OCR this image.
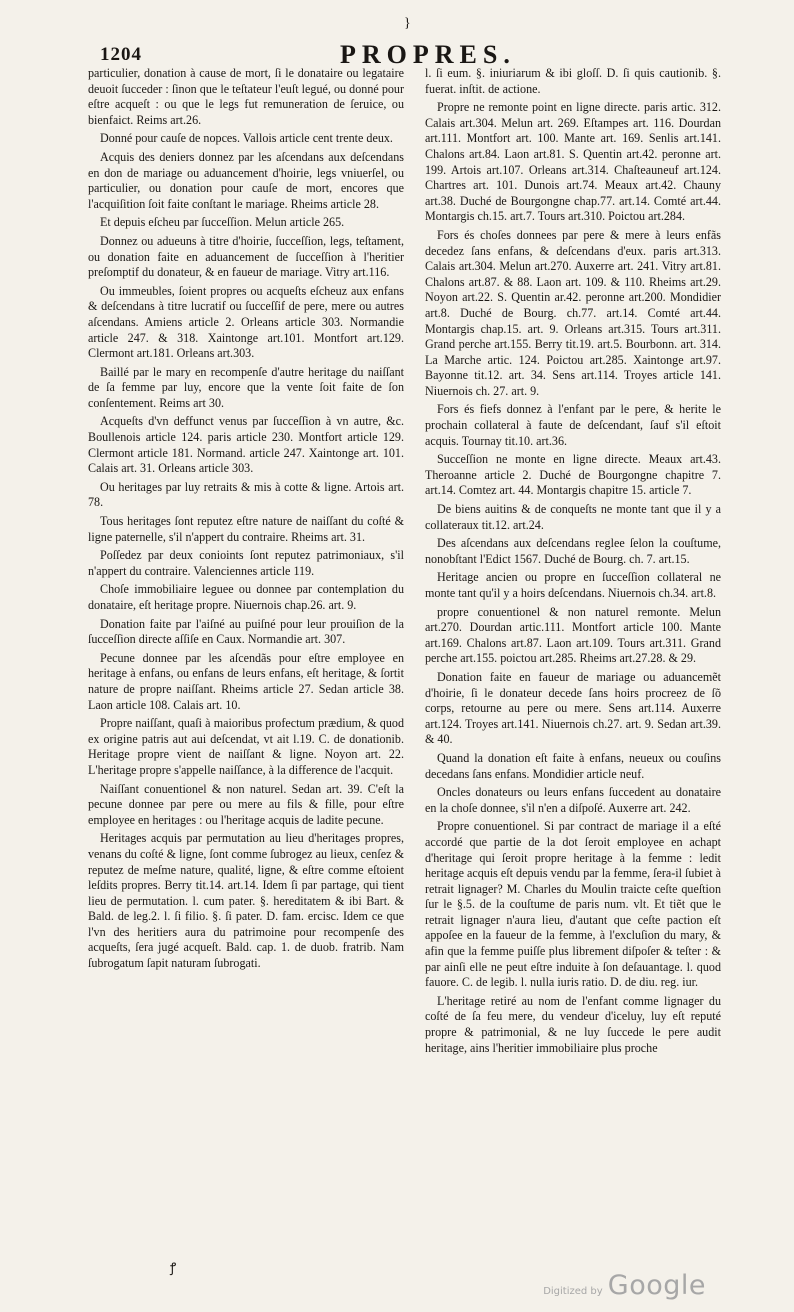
}
1204	PROPRES.

particulier, donation à cause de mort, ſi le donataire ou legataire deuoit ſucceder : ſinon que le teſtateur l'euſt legué, ou donné pour eſtre acqueſt : ou que le legs fut remuneration de ſeruice, ou bienfaict. Reims art.26.

Donné pour cauſe de nopces. Vallois article cent trente deux.

Acquis des deniers donnez par les aſcendans aux deſcendans en don de mariage ou aduancement d'hoirie, legs vniuerſel, ou particulier, ou donation pour cauſe de mort, encores que l'acquiſition ſoit faite conſtant le mariage. Rheims article 28.

Et depuis eſcheu par ſucceſſion. Melun article 265.

Donnez ou adueuns à titre d'hoirie, ſucceſſion, legs, teſtament, ou donation faite en aduancement de ſucceſſion à l'heritier preſomptif du donateur, & en faueur de mariage. Vitry art.116.

Ou immeubles, ſoient propres ou acqueſts eſcheuz aux enfans & deſcendans à titre lucratif ou ſucceſſif de pere, mere ou autres aſcendans. Amiens article 2. Orleans article 303. Normandie article 247. & 318. Xaintonge art.101. Montfort art.129. Clermont art.181. Orleans art.303.

Baillé par le mary en recompenſe d'autre heritage du naiſſant de ſa femme par luy, encore que la vente ſoit faite de ſon conſentement. Reims art 30.

Acqueſts d'vn deffunct venus par ſucceſſion à vn autre, &c. Boullenois article 124. paris article 230. Montfort article 129. Clermont article 181. Normand. article 247. Xaintonge art. 101. Calais art. 31. Orleans article 303.

Ou heritages par luy retraits & mis à cotte & ligne. Artois art. 78.

Tous heritages ſont reputez eſtre nature de naiſſant du coſté & ligne paternelle, s'il n'appert du contraire. Rheims art. 31.

Poſſedez par deux conioints ſont reputez patrimoniaux, s'il n'appert du contraire. Valenciennes article 119.

Choſe immobiliaire leguee ou donnee par contemplation du donataire, eſt heritage propre. Niuernois chap.26. art. 9.

Donation faite par l'aiſné au puiſné pour leur prouiſion de la ſucceſſion directe aſſiſe en Caux. Normandie art. 307.

Pecune donnee par les aſcendãs pour eſtre employee en heritage à enfans, ou enfans de leurs enfans, eſt heritage, & ſortit nature de propre naiſſant. Rheims article 27. Sedan article 38. Laon article 108. Calais art. 10.

Propre naiſſant, quaſi à maioribus profectum prædium, & quod ex origine patris aut aui deſcendat, vt ait l.19. C. de donationib. Heritage propre vient de naiſſant & ligne. Noyon art. 22. L'heritage propre s'appelle naiſſance, à la difference de l'acquit.

Naiſſant conuentionel & non naturel. Sedan art. 39. C'eſt la pecune donnee par pere ou mere au fils & fille, pour eſtre employee en heritages : ou l'heritage acquis de ladite pecune.

Heritages acquis par permutation au lieu d'heritages propres, venans du coſté & ligne, ſont comme ſubrogez au lieux, cenſez & reputez de meſme nature, qualité, ligne, & eſtre comme eſtoient leſdits propres. Berry tit.14. art.14. Idem ſi par partage, qui tient lieu de permutation. l. cum pater. §. hereditatem & ibi Bart. & Bald. de leg.2. l. ſi filio. §. ſi pater. D. fam. ercisc. Idem ce que l'vn des heritiers aura du patrimoine pour recompenſe des acqueſts, ſera jugé acqueſt. Bald. cap. 1. de duob. fratrib. Nam ſubrogatum ſapit naturam ſubrogati.

l. ſi eum. §. iniuriarum & ibi gloſſ. D. ſi quis cautionib. §. fuerat. inſtit. de actione.

Propre ne remonte point en ligne directe. paris artic. 312. Calais art.304. Melun art. 269. Eſtampes art. 116. Dourdan art.111. Montfort art. 100. Mante art. 169. Senlis art.141. Chalons art.84. Laon art.81. S. Quentin art.42. peronne art. 199. Artois art.107. Orleans art.314. Chaſteauneuf art.124. Chartres art. 101. Dunois art.74. Meaux art.42. Chauny art.38. Duché de Bourgongne chap.77. art.14. Comté art.44. Montargis ch.15. art.7. Tours art.310. Poictou art.284.

Fors és choſes donnees par pere & mere à leurs enfãs decedez ſans enfans, & deſcendans d'eux. paris art.313. Calais art.304. Melun art.270. Auxerre art. 241. Vitry art.81. Chalons art.87. & 88. Laon art. 109. & 110. Rheims art.29. Noyon art.22. S. Quentin ar.42. peronne art.200. Mondidier art.8. Duché de Bourg. ch.77. art.14. Comté art.44. Montargis chap.15. art. 9. Orleans art.315. Tours art.311. Grand perche art.155. Berry tit.19. art.5. Bourbonn. art. 314. La Marche artic. 124. Poictou art.285. Xaintonge art.97. Bayonne tit.12. art. 34. Sens art.114. Troyes article 141. Niuernois ch. 27. art. 9.

Fors és fiefs donnez à l'enfant par le pere, & herite le prochain collateral à faute de deſcendant, ſauf s'il eſtoit acquis. Tournay tit.10. art.36.

Succeſſion ne monte en ligne directe. Meaux art.43. Theroanne article 2. Duché de Bourgongne chapitre 7. art.14. Comtez art. 44. Montargis chapitre 15. article 7.

De biens auitins & de conqueſts ne monte tant que il y a collateraux tit.12. art.24.

Des aſcendans aux deſcendans reglee ſelon la couſtume, nonobſtant l'Edict 1567. Duché de Bourg. ch. 7. art.15.

Heritage ancien ou propre en ſucceſſion collateral ne monte tant qu'il y a hoirs deſcendans. Niuernois ch.34. art.8.

propre conuentionel & non naturel remonte. Melun art.270. Dourdan artic.111. Montfort article 100. Mante art.169. Chalons art.87. Laon art.109. Tours art.311. Grand perche art.155. poictou art.285. Rheims art.27.28. & 29.

Donation faite en faueur de mariage ou aduancemẽt d'hoirie, ſi le donateur decede ſans hoirs procreez de ſõ corps, retourne au pere ou mere. Sens art.114. Auxerre art.124. Troyes art.141. Niuernois ch.27. art. 9. Sedan art.39. & 40.

Quand la donation eſt faite à enfans, neueux ou couſins decedans ſans enfans. Mondidier article neuf.

Oncles donateurs ou leurs enfans ſuccedent au donataire en la choſe donnee, s'il n'en a diſpoſé. Auxerre art. 242.

Propre conuentionel. Si par contract de mariage il a eſté accordé que partie de la dot ſeroit employee en achapt d'heritage qui ſeroit propre heritage à la femme : ledit heritage acquis eſt depuis vendu par la femme, ſera-il ſubiet à retrait lignager? M. Charles du Moulin traicte ceſte queſtion ſur le §.5. de la couſtume de paris num. vlt. Et tiẽt que le retrait lignager n'aura lieu, d'autant que ceſte paction eſt appoſee en la faueur de la femme, à l'excluſion du mary, & afin que la femme puiſſe plus librement diſpoſer & teſter : & par ainſi elle ne peut eſtre induite à ſon deſauantage. l. quod fauore. C. de legib. l. nulla iuris ratio. D. de diu. reg. iur.

L'heritage retiré au nom de l'enfant comme lignager du coſté de ſa feu mere, du vendeur d'iceluy, luy eſt reputé propre & patrimonial, & ne luy ſuccede le pere audit heritage, ains l'heritier immobiliaire plus proche

ꝭ
Digitized by Google
